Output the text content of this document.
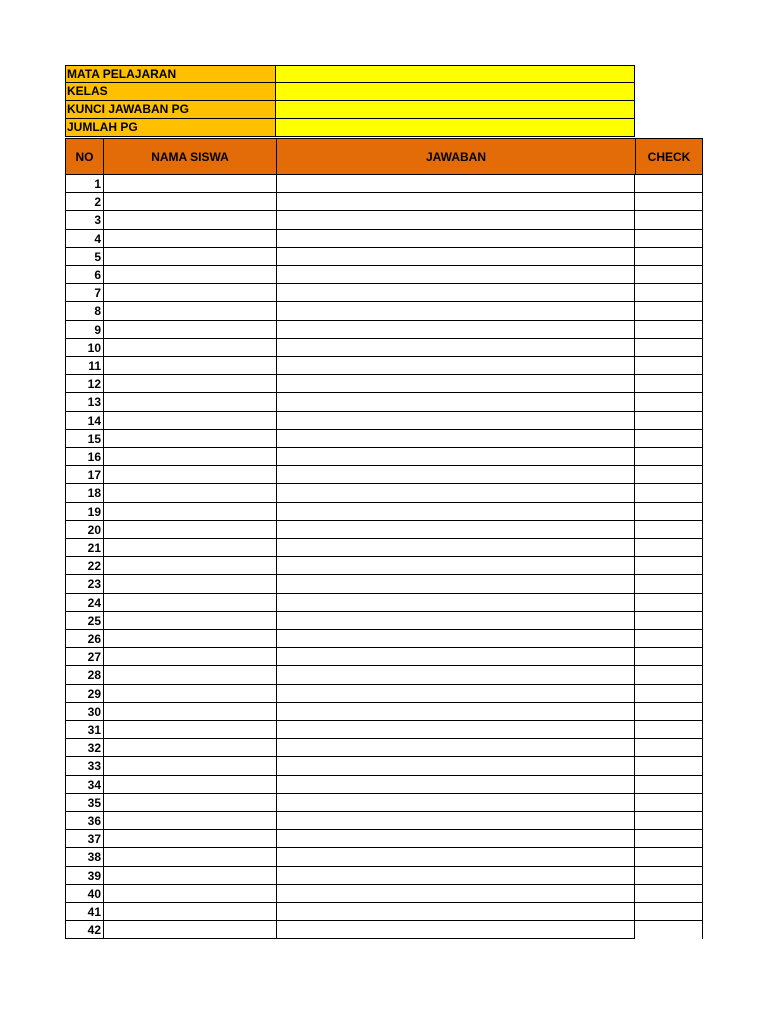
MATA PELAJARAN
KELAS
KUNCI JAWABAN PG
JUMLAH PG
NO	NAMA SISWA	JAWABAN	CHECK
1
2
3
4
5
6
7
8
9
10
11
12
13
14
15
16
17
18
19
20
21
22
23
24
25
26
27
28
29
30
31
32
33
34
35
36
37
38
39
40
41
42
